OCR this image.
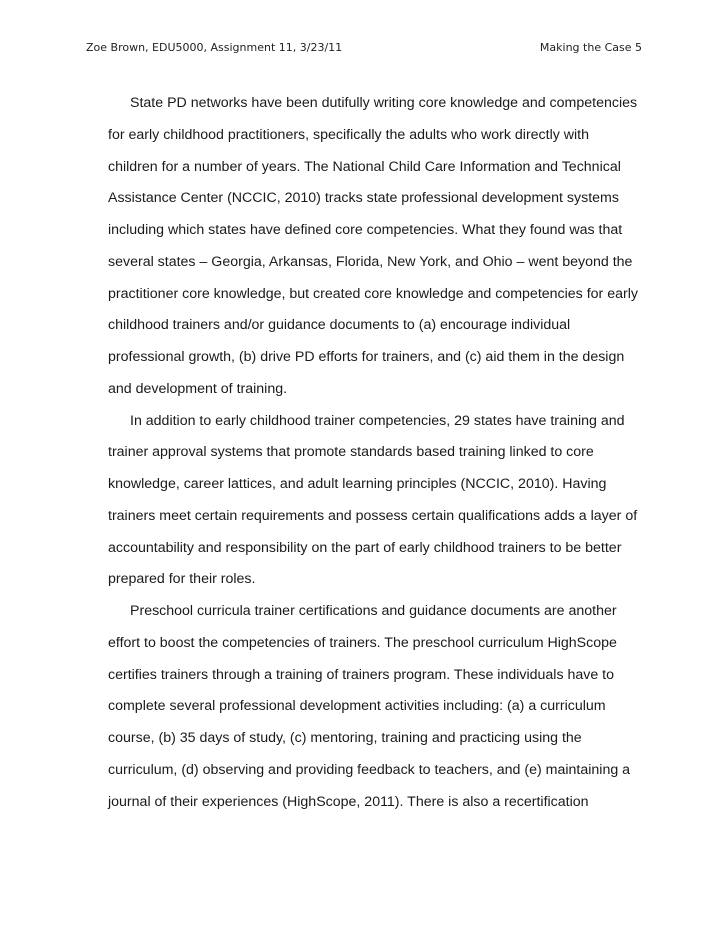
Zoe Brown, EDU5000, Assignment 11, 3/23/11	Making the Case 5
State PD networks have been dutifully writing core knowledge and competencies
for early childhood practitioners, specifically the adults who work directly with
children for a number of years. The National Child Care Information and Technical
Assistance Center (NCCIC, 2010) tracks state professional development systems
including which states have defined core competencies. What they found was that
several states – Georgia, Arkansas, Florida, New York, and Ohio – went beyond the
practitioner core knowledge, but created core knowledge and competencies for early
childhood trainers and/or guidance documents to (a) encourage individual
professional growth, (b) drive PD efforts for trainers, and (c) aid them in the design
and development of training.
In addition to early childhood trainer competencies, 29 states have training and
trainer approval systems that promote standards based training linked to core
knowledge, career lattices, and adult learning principles (NCCIC, 2010). Having
trainers meet certain requirements and possess certain qualifications adds a layer of
accountability and responsibility on the part of early childhood trainers to be better
prepared for their roles.
Preschool curricula trainer certifications and guidance documents are another
effort to boost the competencies of trainers. The preschool curriculum HighScope
certifies trainers through a training of trainers program. These individuals have to
complete several professional development activities including: (a) a curriculum
course, (b) 35 days of study, (c) mentoring, training and practicing using the
curriculum, (d) observing and providing feedback to teachers, and (e) maintaining a
journal of their experiences (HighScope, 2011). There is also a recertification
